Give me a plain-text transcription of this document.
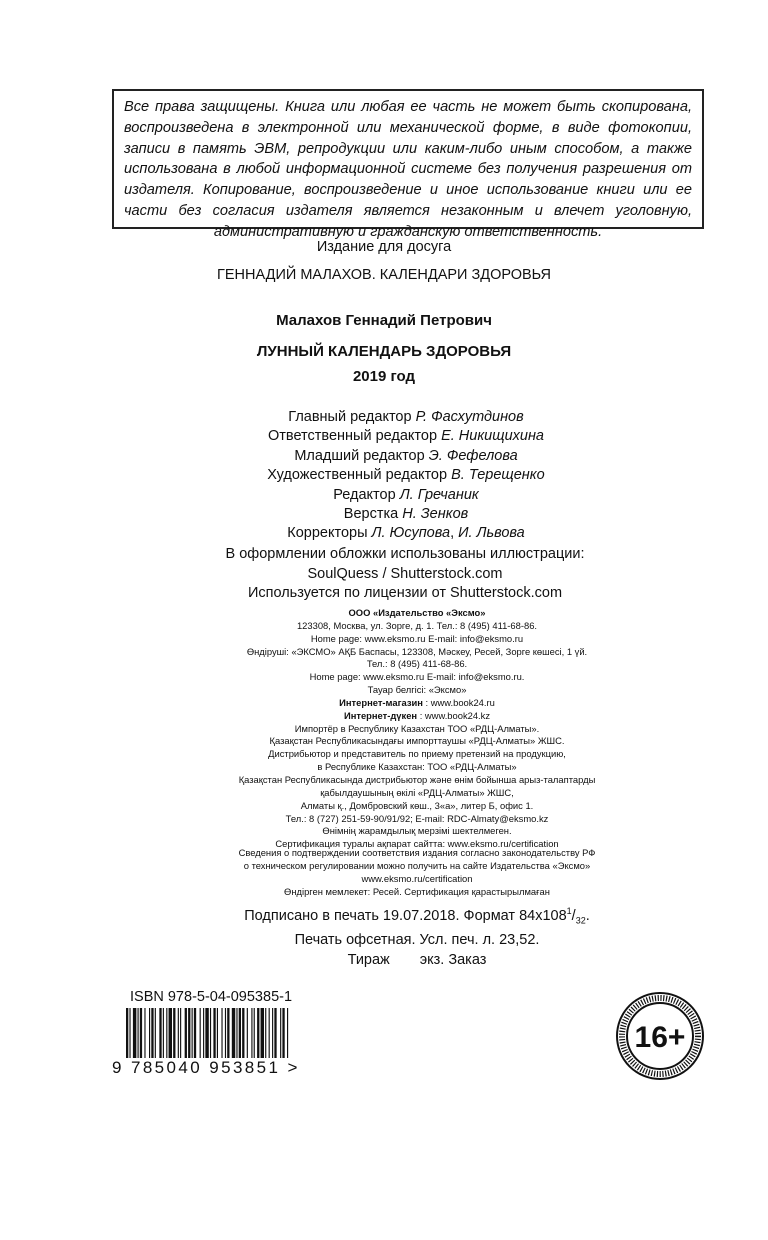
Все права защищены. Книга или любая ее часть не может быть скопирована, воспроизведена в электронной или механической форме, в виде фотокопии, записи в память ЭВМ, репродукции или каким-либо иным способом, а также использована в любой информационной системе без получения разрешения от издателя. Копирование, воспроизведение и иное использование книги или ее части без согласия издателя является незаконным и влечет уголовную, административную и гражданскую ответственность.

Издание для досуга
ГЕННАДИЙ МАЛАХОВ. КАЛЕНДАРИ ЗДОРОВЬЯ
Малахов Геннадий Петрович
ЛУННЫЙ КАЛЕНДАРЬ ЗДОРОВЬЯ
2019 год
Главный редактор Р. Фасхутдинов
Ответственный редактор Е. Никищихина
Младший редактор Э. Фефелова
Художественный редактор В. Терещенко
Редактор Л. Гречаник
Верстка Н. Зенков
Корректоры Л. Юсупова, И. Львова
В оформлении обложки использованы иллюстрации:
SoulQuess / Shutterstock.com
Используется по лицензии от Shutterstock.com
ООО «Издательство «Эксмо»
123308, Москва, ул. Зорге, д. 1. Тел.: 8 (495) 411-68-86.
Home page: www.eksmo.ru E-mail: info@eksmo.ru
Өндіруші: «ЭКСМО» АҚБ Баспасы, 123308, Мәскеу, Ресей, Зорге көшесі, 1 үй.
Тел.: 8 (495) 411-68-86.
Home page: www.eksmo.ru E-mail: info@eksmo.ru.
Тауар белгісі: «Эксмо»
Интернет-магазин : www.book24.ru
Интернет-дүкен : www.book24.kz
Импортёр в Республику Казахстан ТОО «РДЦ-Алматы».
Қазақстан Республикасындағы импорттаушы «РДЦ-Алматы» ЖШС.
Дистрибьютор и представитель по приему претензий на продукцию,
в Республике Казахстан: ТОО «РДЦ-Алматы»
Қазақстан Республикасында дистрибьютор және өнім бойынша арыз-талаптарды
қабылдаушының өкілі «РДЦ-Алматы» ЖШС,
Алматы қ., Домбровский көш., 3«а», литер Б, офис 1.
Тел.: 8 (727) 251-59-90/91/92; E-mail: RDC-Almaty@eksmo.kz
Өнімнің жарамдылық мерзімі шектелмеген.
Сертификация туралы ақпарат сайтта: www.eksmo.ru/certification
Сведения о подтверждении соответствия издания согласно законодательству РФ
о техническом регулировании можно получить на сайте Издательства «Эксмо»
www.eksmo.ru/certification
Өндірген мемлекет: Ресей. Сертификация қарастырылмаған
Подписано в печать 19.07.2018. Формат $84х108^1/_{32}$.
Печать офсетная. Усл. печ. л. 23,52.
Тираж экз. Заказ
ISBN 978-5-04-095385-1
9 785040 953851 >
16+
